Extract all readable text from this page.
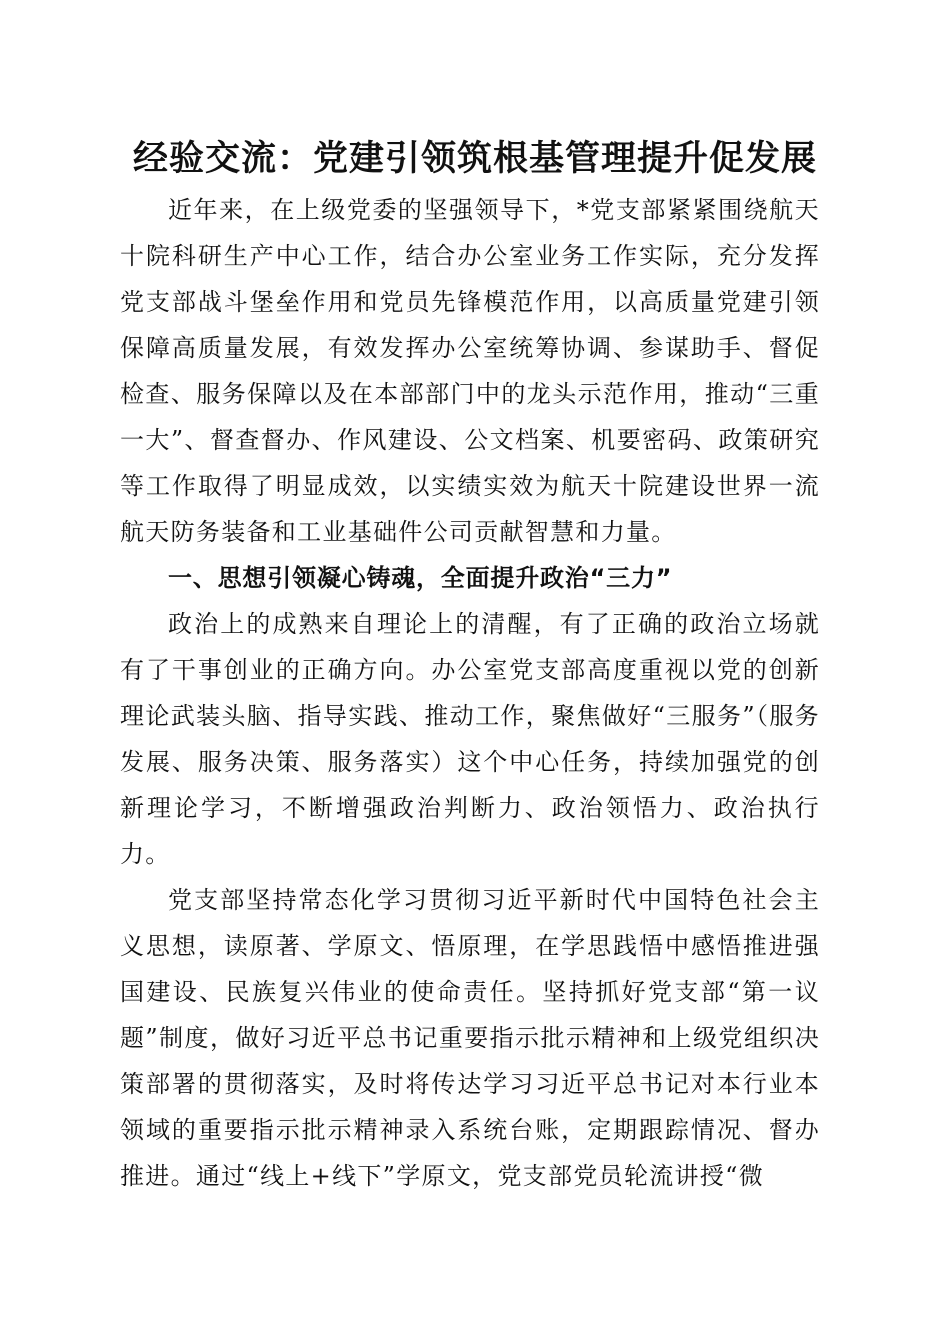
经验交流：党建引领筑根基管理提升促发展

近年来，在上级党委的坚强领导下，*党支部紧紧围绕航天十院科研生产中心工作，结合办公室业务工作实际，充分发挥党支部战斗堡垒作用和党员先锋模范作用，以高质量党建引领保障高质量发展，有效发挥办公室统筹协调、参谋助手、督促检查、服务保障以及在本部部门中的龙头示范作用，推动“三重一大”、督查督办、作风建设、公文档案、机要密码、政策研究等工作取得了明显成效，以实绩实效为航天十院建设世界一流航天防务装备和工业基础件公司贡献智慧和力量。

一、思想引领凝心铸魂，全面提升政治“三力”

政治上的成熟来自理论上的清醒，有了正确的政治立场就有了干事创业的正确方向。办公室党支部高度重视以党的创新理论武装头脑、指导实践、推动工作，聚焦做好“三服务”（服务发展、服务决策、服务落实）这个中心任务，持续加强党的创新理论学习，不断增强政治判断力、政治领悟力、政治执行力。

党支部坚持常态化学习贯彻习近平新时代中国特色社会主义思想，读原著、学原文、悟原理，在学思践悟中感悟推进强国建设、民族复兴伟业的使命责任。坚持抓好党支部“第一议题”制度，做好习近平总书记重要指示批示精神和上级党组织决策部署的贯彻落实，及时将传达学习习近平总书记对本行业本领域的重要指示批示精神录入系统台账，定期跟踪情况、督办推进。通过“线上+线下”学原文，党支部党员轮流讲授“微
